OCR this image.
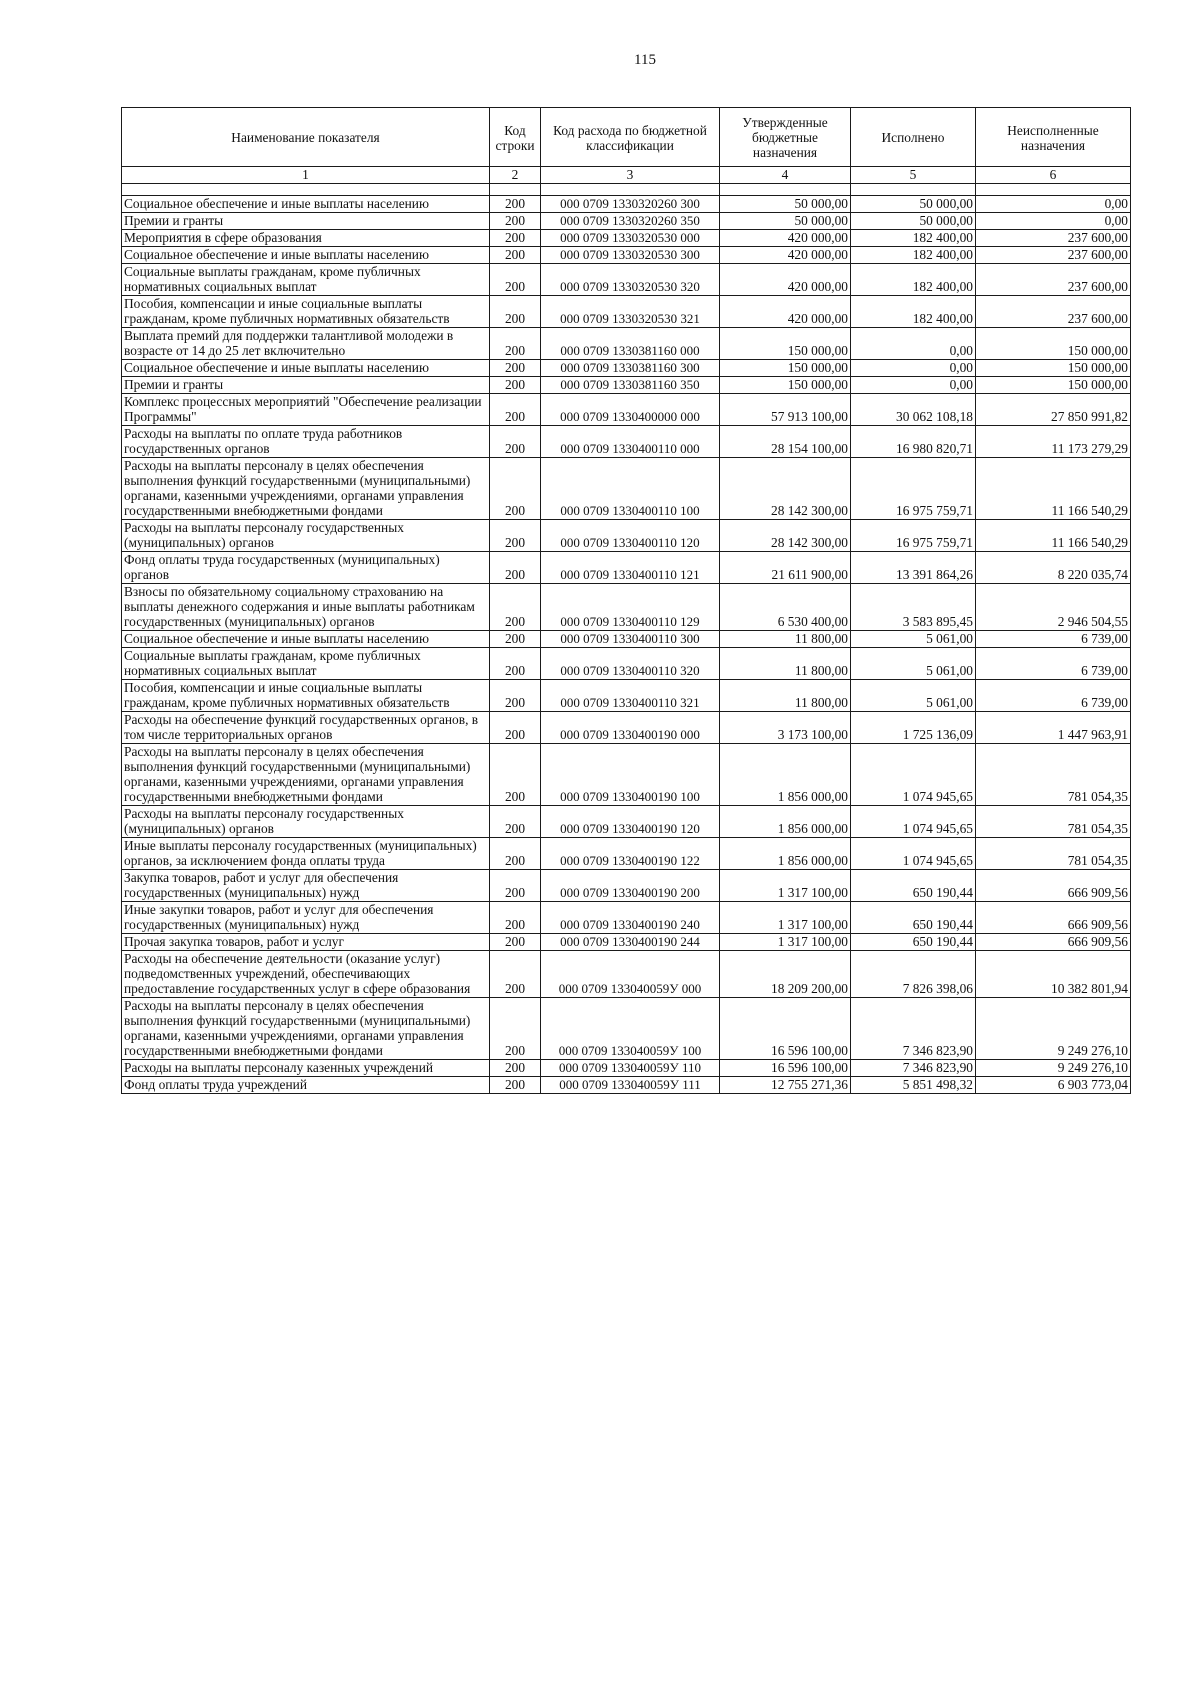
115
Наименование показателя	Код строки	Код расхода по бюджетной классификации	Утвержденные бюджетные назначения	Исполнено	Неисполненные назначения
1	2	3	4	5	6

Социальное обеспечение и иные выплаты населению	200	000 0709 1330320260 300	50 000,00	50 000,00	0,00
Премии и гранты	200	000 0709 1330320260 350	50 000,00	50 000,00	0,00
Мероприятия в сфере образования	200	000 0709 1330320530 000	420 000,00	182 400,00	237 600,00
Социальное обеспечение и иные выплаты населению	200	000 0709 1330320530 300	420 000,00	182 400,00	237 600,00
Социальные выплаты гражданам, кроме публичных нормативных социальных выплат	200	000 0709 1330320530 320	420 000,00	182 400,00	237 600,00
Пособия, компенсации и иные социальные выплаты гражданам, кроме публичных нормативных обязательств	200	000 0709 1330320530 321	420 000,00	182 400,00	237 600,00
Выплата премий для поддержки талантливой молодежи в возрасте от 14 до 25 лет включительно	200	000 0709 1330381160 000	150 000,00	0,00	150 000,00
Социальное обеспечение и иные выплаты населению	200	000 0709 1330381160 300	150 000,00	0,00	150 000,00
Премии и гранты	200	000 0709 1330381160 350	150 000,00	0,00	150 000,00
Комплекс процессных мероприятий "Обеспечение реализации Программы"	200	000 0709 1330400000 000	57 913 100,00	30 062 108,18	27 850 991,82
Расходы на выплаты по оплате труда работников государственных органов	200	000 0709 1330400110 000	28 154 100,00	16 980 820,71	11 173 279,29
Расходы на выплаты персоналу в целях обеспечения выполнения функций государственными (муниципальными) органами, казенными учреждениями, органами управления государственными внебюджетными фондами	200	000 0709 1330400110 100	28 142 300,00	16 975 759,71	11 166 540,29
Расходы на выплаты персоналу государственных (муниципальных) органов	200	000 0709 1330400110 120	28 142 300,00	16 975 759,71	11 166 540,29
Фонд оплаты труда государственных (муниципальных) органов	200	000 0709 1330400110 121	21 611 900,00	13 391 864,26	8 220 035,74
Взносы по обязательному социальному страхованию на выплаты денежного содержания и иные выплаты работникам государственных (муниципальных) органов	200	000 0709 1330400110 129	6 530 400,00	3 583 895,45	2 946 504,55
Социальное обеспечение и иные выплаты населению	200	000 0709 1330400110 300	11 800,00	5 061,00	6 739,00
Социальные выплаты гражданам, кроме публичных нормативных социальных выплат	200	000 0709 1330400110 320	11 800,00	5 061,00	6 739,00
Пособия, компенсации и иные социальные выплаты гражданам, кроме публичных нормативных обязательств	200	000 0709 1330400110 321	11 800,00	5 061,00	6 739,00
Расходы на обеспечение функций государственных органов, в том числе территориальных органов	200	000 0709 1330400190 000	3 173 100,00	1 725 136,09	1 447 963,91
Расходы на выплаты персоналу в целях обеспечения выполнения функций государственными (муниципальными) органами, казенными учреждениями, органами управления государственными внебюджетными фондами	200	000 0709 1330400190 100	1 856 000,00	1 074 945,65	781 054,35
Расходы на выплаты персоналу государственных (муниципальных) органов	200	000 0709 1330400190 120	1 856 000,00	1 074 945,65	781 054,35
Иные выплаты персоналу государственных (муниципальных) органов, за исключением фонда оплаты труда	200	000 0709 1330400190 122	1 856 000,00	1 074 945,65	781 054,35
Закупка товаров, работ и услуг для обеспечения государственных (муниципальных) нужд	200	000 0709 1330400190 200	1 317 100,00	650 190,44	666 909,56
Иные закупки товаров, работ и услуг для обеспечения государственных (муниципальных) нужд	200	000 0709 1330400190 240	1 317 100,00	650 190,44	666 909,56
Прочая закупка товаров, работ и услуг	200	000 0709 1330400190 244	1 317 100,00	650 190,44	666 909,56
Расходы на обеспечение деятельности (оказание услуг) подведомственных учреждений, обеспечивающих предоставление государственных услуг в сфере образования	200	000 0709 133040059У 000	18 209 200,00	7 826 398,06	10 382 801,94
Расходы на выплаты персоналу в целях обеспечения выполнения функций государственными (муниципальными) органами, казенными учреждениями, органами управления государственными внебюджетными фондами	200	000 0709 133040059У 100	16 596 100,00	7 346 823,90	9 249 276,10
Расходы на выплаты персоналу казенных учреждений	200	000 0709 133040059У 110	16 596 100,00	7 346 823,90	9 249 276,10
Фонд оплаты труда учреждений	200	000 0709 133040059У 111	12 755 271,36	5 851 498,32	6 903 773,04
